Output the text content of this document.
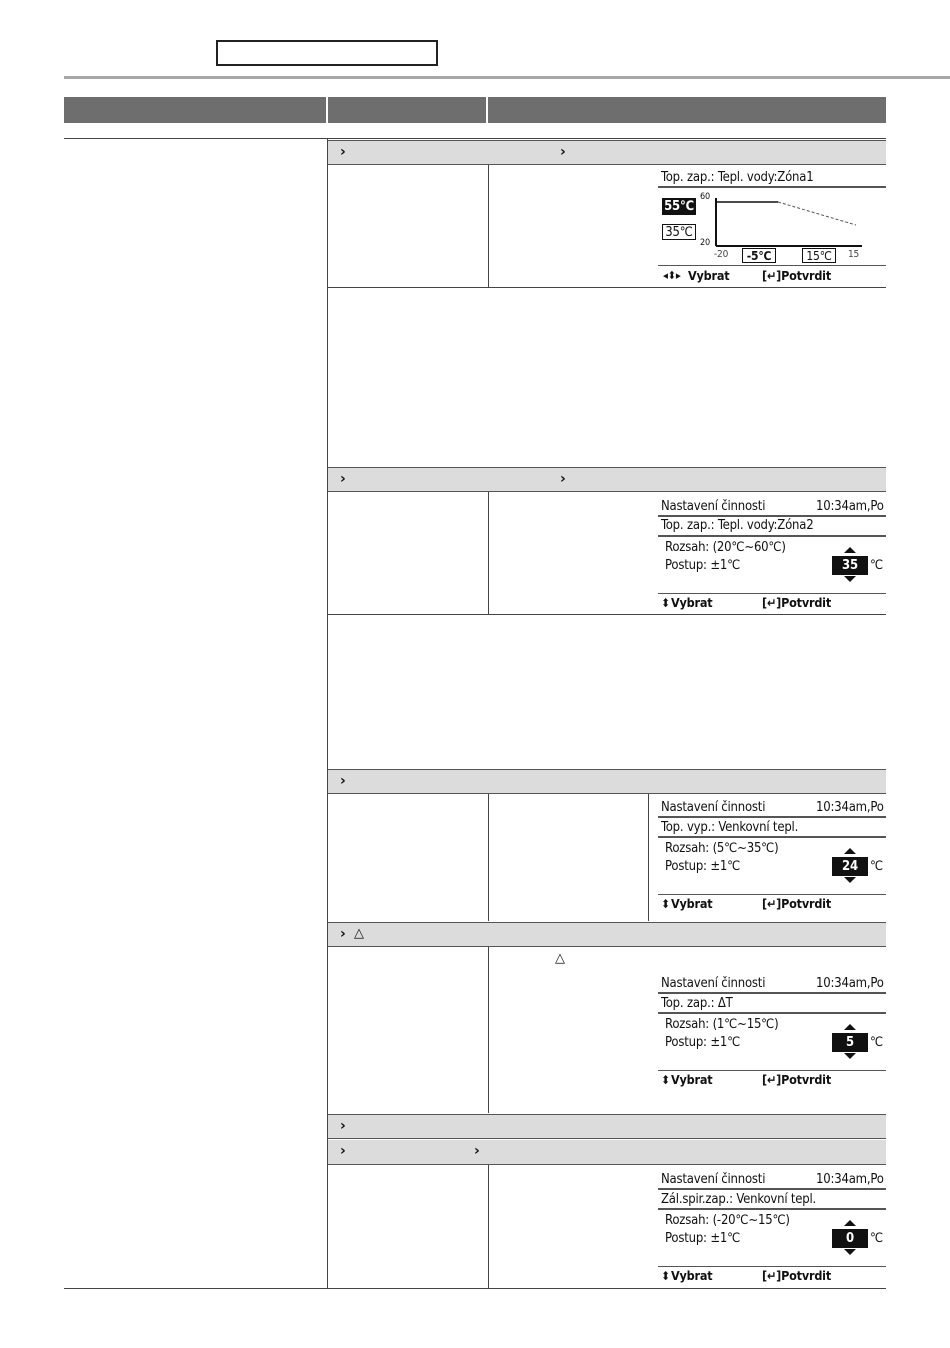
›	›
Top. zap.: Tepl. vody:Zóna1
55℃
35℃
60
20
-20	-5℃	15℃	15
◂⬍▸ Vybrat	[↵]Potvrdit
›	›
Nastavení činnosti	10:34am,Po
Top. zap.: Tepl. vody:Zóna2
Rozsah: (20℃~60℃)
Postup: ±1℃	35 ℃
⬍ Vybrat	[↵]Potvrdit
›
Nastavení činnosti	10:34am,Po
Top. vyp.: Venkovní tepl.
Rozsah: (5℃~35℃)
Postup: ±1℃	24 ℃
⬍ Vybrat	[↵]Potvrdit
› △
△
Nastavení činnosti	10:34am,Po
Top. zap.: ΔT
Rozsah: (1℃~15℃)
Postup: ±1℃	5	℃
⬍ Vybrat	[↵]Potvrdit
›
›	›
Nastavení činnosti	10:34am,Po
Zál.spir.zap.: Venkovní tepl.
Rozsah: (-20℃~15℃)
Postup: ±1℃	0	℃
⬍ Vybrat	[↵]Potvrdit
